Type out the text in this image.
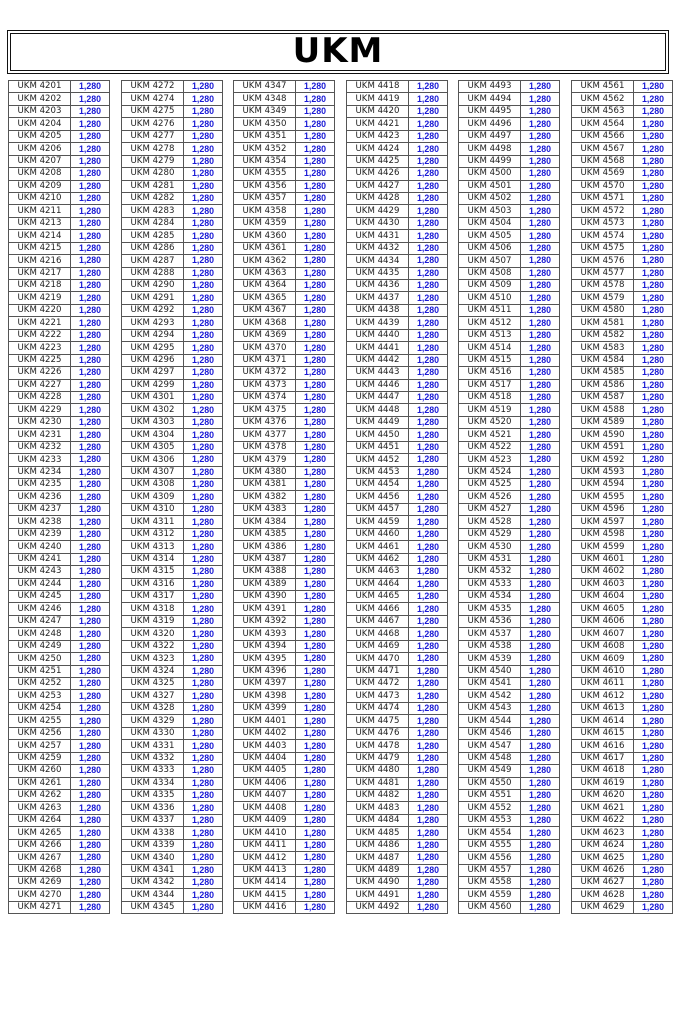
UKM
UKM 4201	1,280
UKM 4202	1,280
UKM 4203	1,280
UKM 4204	1,280
UKM 4205	1,280
UKM 4206	1,280
UKM 4207	1,280
UKM 4208	1,280
UKM 4209	1,280
UKM 4210	1,280
UKM 4211	1,280
UKM 4213	1,280
UKM 4214	1,280
UKM 4215	1,280
UKM 4216	1,280
UKM 4217	1,280
UKM 4218	1,280
UKM 4219	1,280
UKM 4220	1,280
UKM 4221	1,280
UKM 4222	1,280
UKM 4223	1,280
UKM 4225	1,280
UKM 4226	1,280
UKM 4227	1,280
UKM 4228	1,280
UKM 4229	1,280
UKM 4230	1,280
UKM 4231	1,280
UKM 4232	1,280
UKM 4233	1,280
UKM 4234	1,280
UKM 4235	1,280
UKM 4236	1,280
UKM 4237	1,280
UKM 4238	1,280
UKM 4239	1,280
UKM 4240	1,280
UKM 4241	1,280
UKM 4243	1,280
UKM 4244	1,280
UKM 4245	1,280
UKM 4246	1,280
UKM 4247	1,280
UKM 4248	1,280
UKM 4249	1,280
UKM 4250	1,280
UKM 4251	1,280
UKM 4252	1,280
UKM 4253	1,280
UKM 4254	1,280
UKM 4255	1,280
UKM 4256	1,280
UKM 4257	1,280
UKM 4259	1,280
UKM 4260	1,280
UKM 4261	1,280
UKM 4262	1,280
UKM 4263	1,280
UKM 4264	1,280
UKM 4265	1,280
UKM 4266	1,280
UKM 4267	1,280
UKM 4268	1,280
UKM 4269	1,280
UKM 4270	1,280
UKM 4271	1,280
UKM 4272	1,280
UKM 4274	1,280
UKM 4275	1,280
UKM 4276	1,280
UKM 4277	1,280
UKM 4278	1,280
UKM 4279	1,280
UKM 4280	1,280
UKM 4281	1,280
UKM 4282	1,280
UKM 4283	1,280
UKM 4284	1,280
UKM 4285	1,280
UKM 4286	1,280
UKM 4287	1,280
UKM 4288	1,280
UKM 4290	1,280
UKM 4291	1,280
UKM 4292	1,280
UKM 4293	1,280
UKM 4294	1,280
UKM 4295	1,280
UKM 4296	1,280
UKM 4297	1,280
UKM 4299	1,280
UKM 4301	1,280
UKM 4302	1,280
UKM 4303	1,280
UKM 4304	1,280
UKM 4305	1,280
UKM 4306	1,280
UKM 4307	1,280
UKM 4308	1,280
UKM 4309	1,280
UKM 4310	1,280
UKM 4311	1,280
UKM 4312	1,280
UKM 4313	1,280
UKM 4314	1,280
UKM 4315	1,280
UKM 4316	1,280
UKM 4317	1,280
UKM 4318	1,280
UKM 4319	1,280
UKM 4320	1,280
UKM 4322	1,280
UKM 4323	1,280
UKM 4324	1,280
UKM 4325	1,280
UKM 4327	1,280
UKM 4328	1,280
UKM 4329	1,280
UKM 4330	1,280
UKM 4331	1,280
UKM 4332	1,280
UKM 4333	1,280
UKM 4334	1,280
UKM 4335	1,280
UKM 4336	1,280
UKM 4337	1,280
UKM 4338	1,280
UKM 4339	1,280
UKM 4340	1,280
UKM 4341	1,280
UKM 4342	1,280
UKM 4344	1,280
UKM 4345	1,280
UKM 4347	1,280
UKM 4348	1,280
UKM 4349	1,280
UKM 4350	1,280
UKM 4351	1,280
UKM 4352	1,280
UKM 4354	1,280
UKM 4355	1,280
UKM 4356	1,280
UKM 4357	1,280
UKM 4358	1,280
UKM 4359	1,280
UKM 4360	1,280
UKM 4361	1,280
UKM 4362	1,280
UKM 4363	1,280
UKM 4364	1,280
UKM 4365	1,280
UKM 4367	1,280
UKM 4368	1,280
UKM 4369	1,280
UKM 4370	1,280
UKM 4371	1,280
UKM 4372	1,280
UKM 4373	1,280
UKM 4374	1,280
UKM 4375	1,280
UKM 4376	1,280
UKM 4377	1,280
UKM 4378	1,280
UKM 4379	1,280
UKM 4380	1,280
UKM 4381	1,280
UKM 4382	1,280
UKM 4383	1,280
UKM 4384	1,280
UKM 4385	1,280
UKM 4386	1,280
UKM 4387	1,280
UKM 4388	1,280
UKM 4389	1,280
UKM 4390	1,280
UKM 4391	1,280
UKM 4392	1,280
UKM 4393	1,280
UKM 4394	1,280
UKM 4395	1,280
UKM 4396	1,280
UKM 4397	1,280
UKM 4398	1,280
UKM 4399	1,280
UKM 4401	1,280
UKM 4402	1,280
UKM 4403	1,280
UKM 4404	1,280
UKM 4405	1,280
UKM 4406	1,280
UKM 4407	1,280
UKM 4408	1,280
UKM 4409	1,280
UKM 4410	1,280
UKM 4411	1,280
UKM 4412	1,280
UKM 4413	1,280
UKM 4414	1,280
UKM 4415	1,280
UKM 4416	1,280
UKM 4418	1,280
UKM 4419	1,280
UKM 4420	1,280
UKM 4421	1,280
UKM 4423	1,280
UKM 4424	1,280
UKM 4425	1,280
UKM 4426	1,280
UKM 4427	1,280
UKM 4428	1,280
UKM 4429	1,280
UKM 4430	1,280
UKM 4431	1,280
UKM 4432	1,280
UKM 4434	1,280
UKM 4435	1,280
UKM 4436	1,280
UKM 4437	1,280
UKM 4438	1,280
UKM 4439	1,280
UKM 4440	1,280
UKM 4441	1,280
UKM 4442	1,280
UKM 4443	1,280
UKM 4446	1,280
UKM 4447	1,280
UKM 4448	1,280
UKM 4449	1,280
UKM 4450	1,280
UKM 4451	1,280
UKM 4452	1,280
UKM 4453	1,280
UKM 4454	1,280
UKM 4456	1,280
UKM 4457	1,280
UKM 4459	1,280
UKM 4460	1,280
UKM 4461	1,280
UKM 4462	1,280
UKM 4463	1,280
UKM 4464	1,280
UKM 4465	1,280
UKM 4466	1,280
UKM 4467	1,280
UKM 4468	1,280
UKM 4469	1,280
UKM 4470	1,280
UKM 4471	1,280
UKM 4472	1,280
UKM 4473	1,280
UKM 4474	1,280
UKM 4475	1,280
UKM 4476	1,280
UKM 4478	1,280
UKM 4479	1,280
UKM 4480	1,280
UKM 4481	1,280
UKM 4482	1,280
UKM 4483	1,280
UKM 4484	1,280
UKM 4485	1,280
UKM 4486	1,280
UKM 4487	1,280
UKM 4489	1,280
UKM 4490	1,280
UKM 4491	1,280
UKM 4492	1,280
UKM 4493	1,280
UKM 4494	1,280
UKM 4495	1,280
UKM 4496	1,280
UKM 4497	1,280
UKM 4498	1,280
UKM 4499	1,280
UKM 4500	1,280
UKM 4501	1,280
UKM 4502	1,280
UKM 4503	1,280
UKM 4504	1,280
UKM 4505	1,280
UKM 4506	1,280
UKM 4507	1,280
UKM 4508	1,280
UKM 4509	1,280
UKM 4510	1,280
UKM 4511	1,280
UKM 4512	1,280
UKM 4513	1,280
UKM 4514	1,280
UKM 4515	1,280
UKM 4516	1,280
UKM 4517	1,280
UKM 4518	1,280
UKM 4519	1,280
UKM 4520	1,280
UKM 4521	1,280
UKM 4522	1,280
UKM 4523	1,280
UKM 4524	1,280
UKM 4525	1,280
UKM 4526	1,280
UKM 4527	1,280
UKM 4528	1,280
UKM 4529	1,280
UKM 4530	1,280
UKM 4531	1,280
UKM 4532	1,280
UKM 4533	1,280
UKM 4534	1,280
UKM 4535	1,280
UKM 4536	1,280
UKM 4537	1,280
UKM 4538	1,280
UKM 4539	1,280
UKM 4540	1,280
UKM 4541	1,280
UKM 4542	1,280
UKM 4543	1,280
UKM 4544	1,280
UKM 4546	1,280
UKM 4547	1,280
UKM 4548	1,280
UKM 4549	1,280
UKM 4550	1,280
UKM 4551	1,280
UKM 4552	1,280
UKM 4553	1,280
UKM 4554	1,280
UKM 4555	1,280
UKM 4556	1,280
UKM 4557	1,280
UKM 4558	1,280
UKM 4559	1,280
UKM 4560	1,280
UKM 4561	1,280
UKM 4562	1,280
UKM 4563	1,280
UKM 4564	1,280
UKM 4566	1,280
UKM 4567	1,280
UKM 4568	1,280
UKM 4569	1,280
UKM 4570	1,280
UKM 4571	1,280
UKM 4572	1,280
UKM 4573	1,280
UKM 4574	1,280
UKM 4575	1,280
UKM 4576	1,280
UKM 4577	1,280
UKM 4578	1,280
UKM 4579	1,280
UKM 4580	1,280
UKM 4581	1,280
UKM 4582	1,280
UKM 4583	1,280
UKM 4584	1,280
UKM 4585	1,280
UKM 4586	1,280
UKM 4587	1,280
UKM 4588	1,280
UKM 4589	1,280
UKM 4590	1,280
UKM 4591	1,280
UKM 4592	1,280
UKM 4593	1,280
UKM 4594	1,280
UKM 4595	1,280
UKM 4596	1,280
UKM 4597	1,280
UKM 4598	1,280
UKM 4599	1,280
UKM 4601	1,280
UKM 4602	1,280
UKM 4603	1,280
UKM 4604	1,280
UKM 4605	1,280
UKM 4606	1,280
UKM 4607	1,280
UKM 4608	1,280
UKM 4609	1,280
UKM 4610	1,280
UKM 4611	1,280
UKM 4612	1,280
UKM 4613	1,280
UKM 4614	1,280
UKM 4615	1,280
UKM 4616	1,280
UKM 4617	1,280
UKM 4618	1,280
UKM 4619	1,280
UKM 4620	1,280
UKM 4621	1,280
UKM 4622	1,280
UKM 4623	1,280
UKM 4624	1,280
UKM 4625	1,280
UKM 4626	1,280
UKM 4627	1,280
UKM 4628	1,280
UKM 4629	1,280
